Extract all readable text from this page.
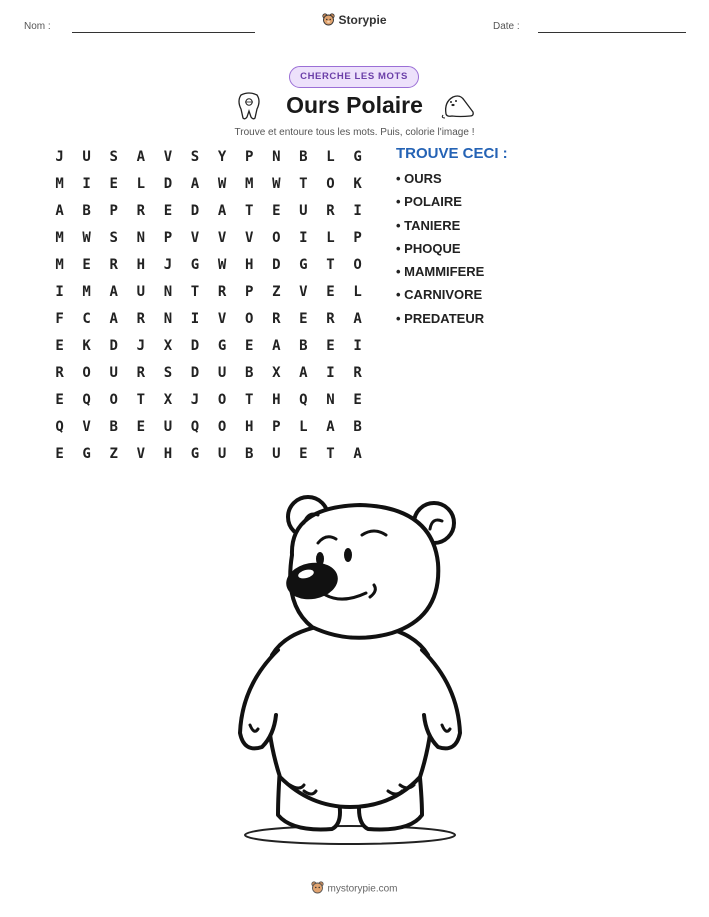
Nom :	Storypie	Date :
CHERCHE LES MOTS
Ours Polaire
Trouve et entoure tous les mots. Puis, colorie l'image !
J	U	S	A	V	S	Y	P	N	B	L	G
M	I	E	L	D	A	W	M	W	T	O	K
A	B	P	R	E	D	A	T	E	U	R	I
M	W	S	N	P	V	V	V	O	I	L	P
M	E	R	H	J	G	W	H	D	G	T	O
I	M	A	U	N	T	R	P	Z	V	E	L
F	C	A	R	N	I	V	O	R	E	R	A
E	K	D	J	X	D	G	E	A	B	E	I
R	O	U	R	S	D	U	B	X	A	I	R
E	Q	O	T	X	J	O	T	H	Q	N	E
Q	V	B	E	U	Q	O	H	P	L	A	B
E	G	Z	V	H	G	U	B	U	E	T	A
TROUVE CECI :
• OURS
• POLAIRE
• TANIERE
• PHOQUE
• MAMMIFERE
• CARNIVORE
• PREDATEUR
mystorypie.com
